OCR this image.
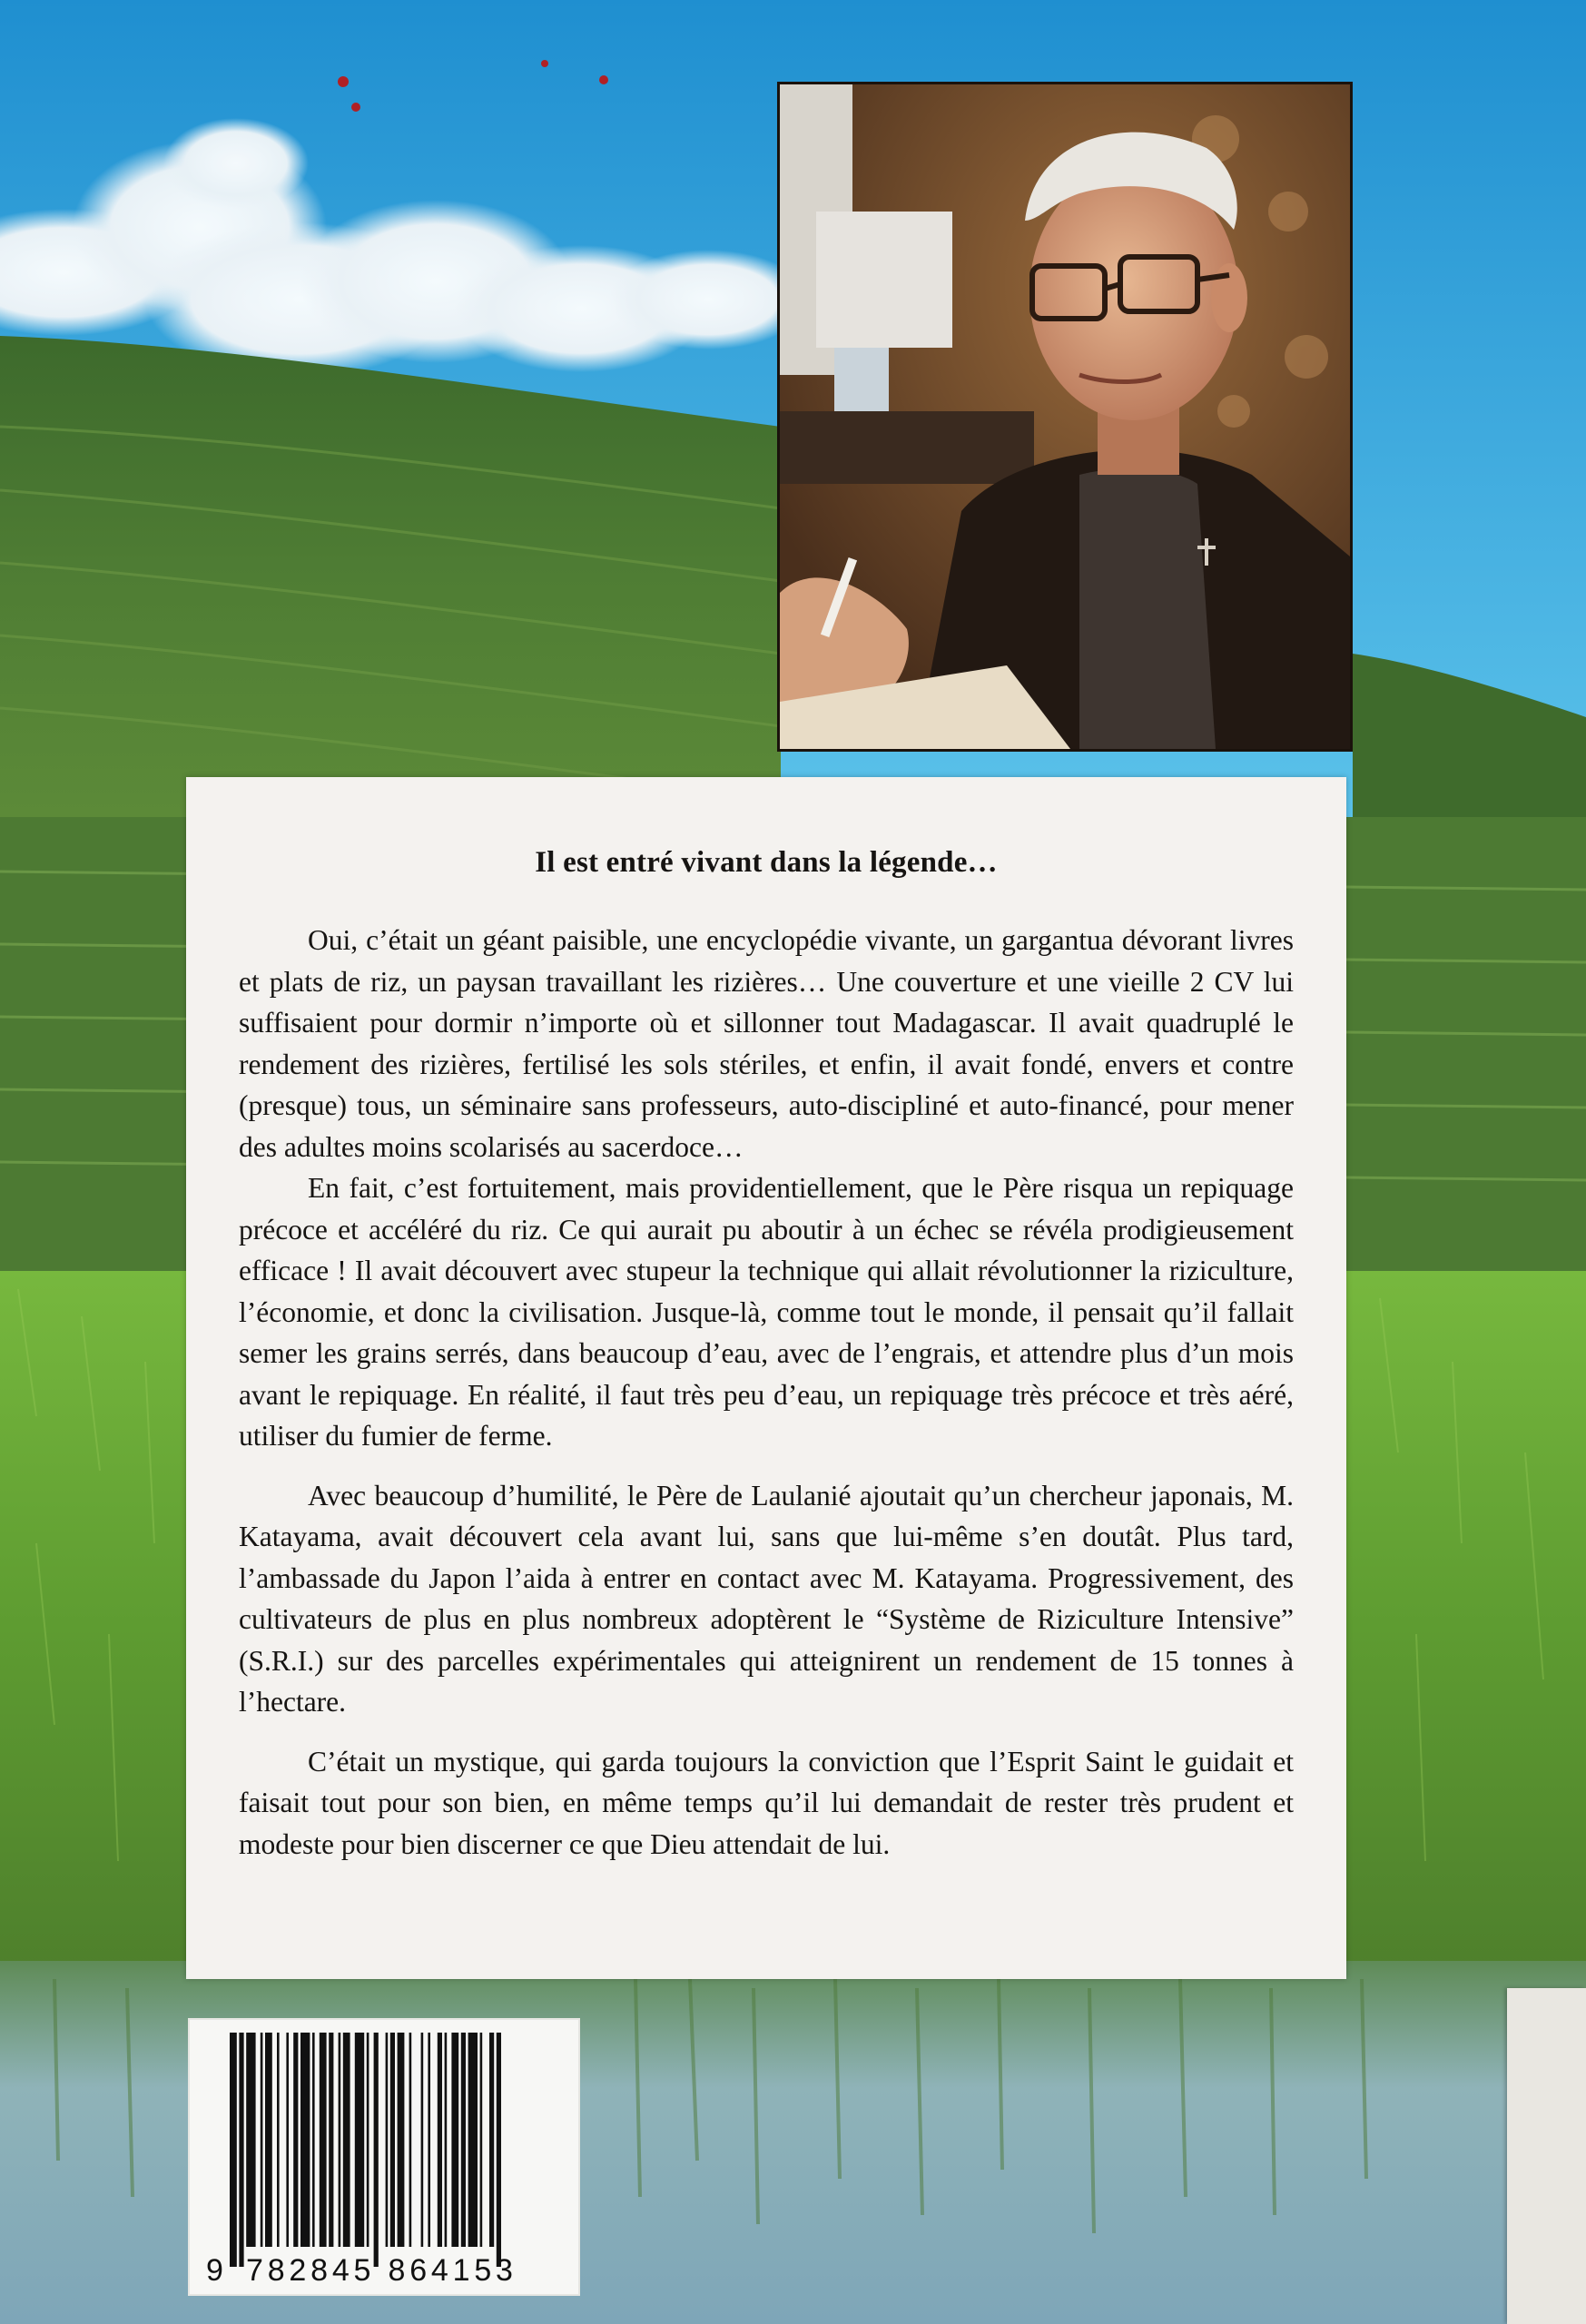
Il est entré vivant dans la légende…

Oui, c’était un géant paisible, une encyclopédie vivante, un gargantua dévorant livres et plats de riz, un paysan travaillant les rizières… Une couverture et une vieille 2 CV lui suffisaient pour dormir n’importe où et sillonner tout Madagascar. Il avait quadruplé le rendement des rizières, fertilisé les sols stériles, et enfin, il avait fondé, envers et contre (presque) tous, un séminaire sans professeurs, auto-discipliné et auto-financé, pour mener des adultes moins scolarisés au sacerdoce…

En fait, c’est fortuitement, mais providentiellement, que le Père risqua un repiquage précoce et accéléré du riz. Ce qui aurait pu aboutir à un échec se révéla prodigieusement efficace ! Il avait découvert avec stupeur la technique qui allait révolutionner la riziculture, l’économie, et donc la civilisation. Jusque-là, comme tout le monde, il pensait qu’il fallait semer les grains serrés, dans beaucoup d’eau, avec de l’engrais, et attendre plus d’un mois avant le repiquage. En réalité, il faut très peu d’eau, un repiquage très précoce et très aéré, utiliser du fumier de ferme.

Avec beaucoup d’humilité, le Père de Laulanié ajoutait qu’un chercheur japonais, M. Katayama, avait découvert cela avant lui, sans que lui-même s’en doutât. Plus tard, l’ambassade du Japon l’aida à entrer en contact avec M. Katayama. Progressivement, des cultivateurs de plus en plus nombreux adoptèrent le “Système de Riziculture Intensive” (S.R.I.) sur des parcelles expérimentales qui atteignirent un rendement de 15 tonnes à l’hectare.

C’était un mystique, qui garda toujours la conviction que l’Esprit Saint le guidait et faisait tout pour son bien, en même temps qu’il lui demandait de rester très prudent et modeste pour bien discerner ce que Dieu attendait de lui.

9 782845 864153
